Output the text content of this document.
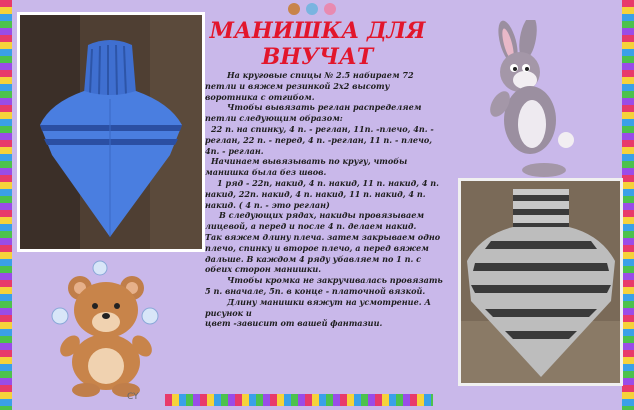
МАНИШКА ДЛЯ
ВНУЧАТ

На круговые спицы № 2.5 набираем 72 петли и вяжем резинкой 2х2 высоту воротника с отгибом.

Чтобы вывязать реглан распределяем петли следующим образом:

22 п. на спинку, 4 п. - реглан, 11п. -плечо, 4п. - реглан, 22 п. - перед, 4 п. -реглан, 11 п. - плечо, 4п. - реглан.

Начинаем вывязывать по кругу, чтобы манишка была без швов.

1 ряд - 22п, накид, 4 п. накид, 11 п. накид, 4 п. накид, 22п. накид, 4 п. накид, 11 п. накид, 4 п. накид. ( 4 п. - это реглан)

В следующих рядах, накиды провязываем лицевой, а перед и после 4 п. делаем накид.

Так вяжем длину плеча. затем закрываем одно плечо, спинку и второе плечо, а перед вяжем дальше. В каждом 4 ряду убавляем по 1 п. с обеих сторон манишки.

Чтобы кромка не закручивалась провязать 5 п. вначале, 5п. в конце - платочной вязкой.

Длину манишки вяжут на усмотрение. А рисунок и

цвет -зависит от вашей фантазии.

CY
